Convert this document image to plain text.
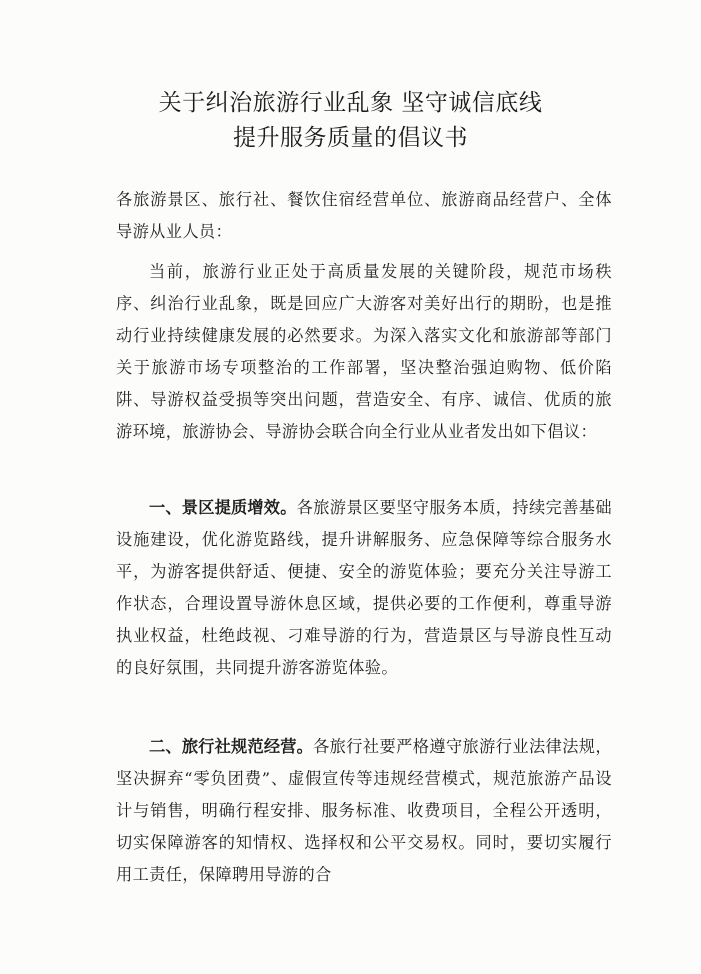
关于纠治旅游行业乱象 坚守诚信底线
提升服务质量的倡议书

各旅游景区、旅行社、餐饮住宿经营单位、旅游商品经营户、全体导游从业人员：

当前，旅游行业正处于高质量发展的关键阶段，规范市场秩序、纠治行业乱象，既是回应广大游客对美好出行的期盼，也是推动行业持续健康发展的必然要求。为深入落实文化和旅游部等部门关于旅游市场专项整治的工作部署，坚决整治强迫购物、低价陷阱、导游权益受损等突出问题，营造安全、有序、诚信、优质的旅游环境，旅游协会、导游协会联合向全行业从业者发出如下倡议：

一、景区提质增效。各旅游景区要坚守服务本质，持续完善基础设施建设，优化游览路线，提升讲解服务、应急保障等综合服务水平，为游客提供舒适、便捷、安全的游览体验；要充分关注导游工作状态，合理设置导游休息区域，提供必要的工作便利，尊重导游执业权益，杜绝歧视、刁难导游的行为，营造景区与导游良性互动的良好氛围，共同提升游客游览体验。

二、旅行社规范经营。各旅行社要严格遵守旅游行业法律法规，坚决摒弃“零负团费”、虚假宣传等违规经营模式，规范旅游产品设计与销售，明确行程安排、服务标准、收费项目，全程公开透明，切实保障游客的知情权、选择权和公平交易权。同时，要切实履行用工责任，保障聘用导游的合
